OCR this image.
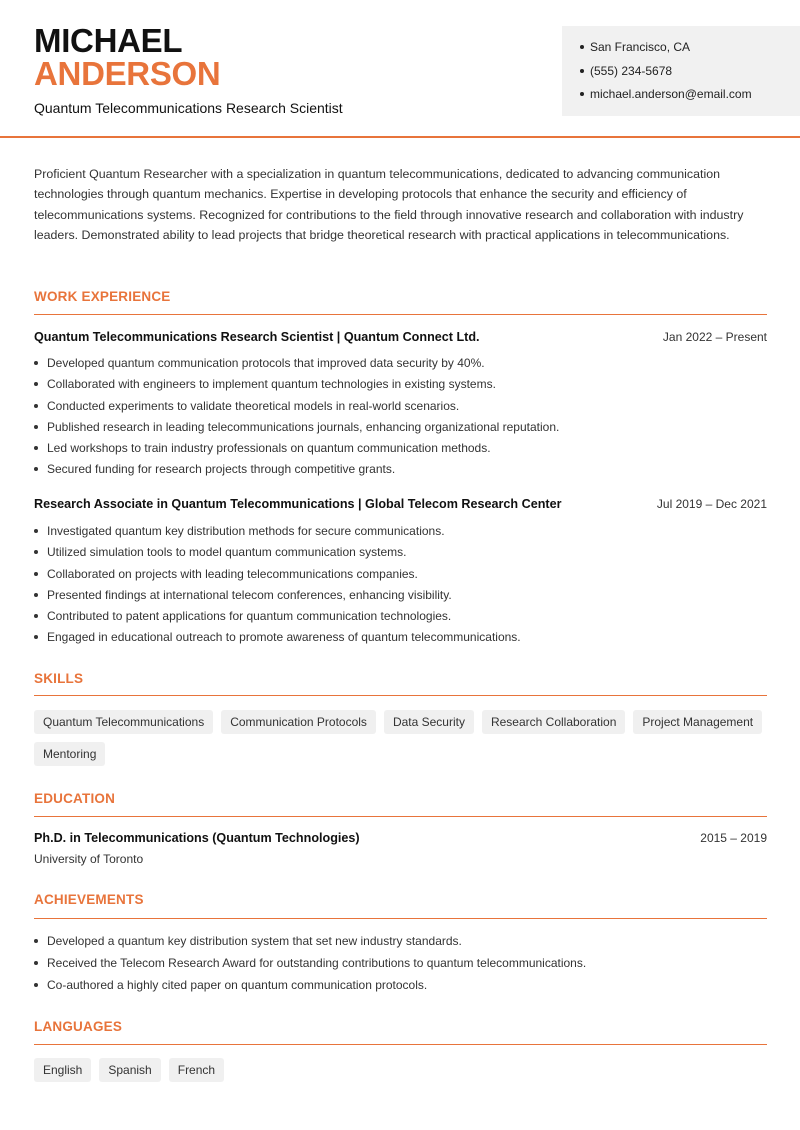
MICHAEL
ANDERSON
Quantum Telecommunications Research Scientist
San Francisco, CA
(555) 234-5678
michael.anderson@email.com

Proficient Quantum Researcher with a specialization in quantum telecommunications, dedicated to advancing communication technologies through quantum mechanics. Expertise in developing protocols that enhance the security and efficiency of telecommunications systems. Recognized for contributions to the field through innovative research and collaboration with industry leaders. Demonstrated ability to lead projects that bridge theoretical research with practical applications in telecommunications.

WORK EXPERIENCE
Quantum Telecommunications Research Scientist | Quantum Connect Ltd.	Jan 2022 – Present
Developed quantum communication protocols that improved data security by 40%.
Collaborated with engineers to implement quantum technologies in existing systems.
Conducted experiments to validate theoretical models in real-world scenarios.
Published research in leading telecommunications journals, enhancing organizational reputation.
Led workshops to train industry professionals on quantum communication methods.
Secured funding for research projects through competitive grants.
Research Associate in Quantum Telecommunications | Global Telecom Research Center	Jul 2019 – Dec 2021
Investigated quantum key distribution methods for secure communications.
Utilized simulation tools to model quantum communication systems.
Collaborated on projects with leading telecommunications companies.
Presented findings at international telecom conferences, enhancing visibility.
Contributed to patent applications for quantum communication technologies.
Engaged in educational outreach to promote awareness of quantum telecommunications.
SKILLS
Quantum Telecommunications	Communication Protocols	Data Security	Research Collaboration	Project Management
Mentoring
EDUCATION
Ph.D. in Telecommunications (Quantum Technologies)	2015 – 2019
University of Toronto
ACHIEVEMENTS
Developed a quantum key distribution system that set new industry standards.
Received the Telecom Research Award for outstanding contributions to quantum telecommunications.
Co-authored a highly cited paper on quantum communication protocols.
LANGUAGES
English	Spanish	French
